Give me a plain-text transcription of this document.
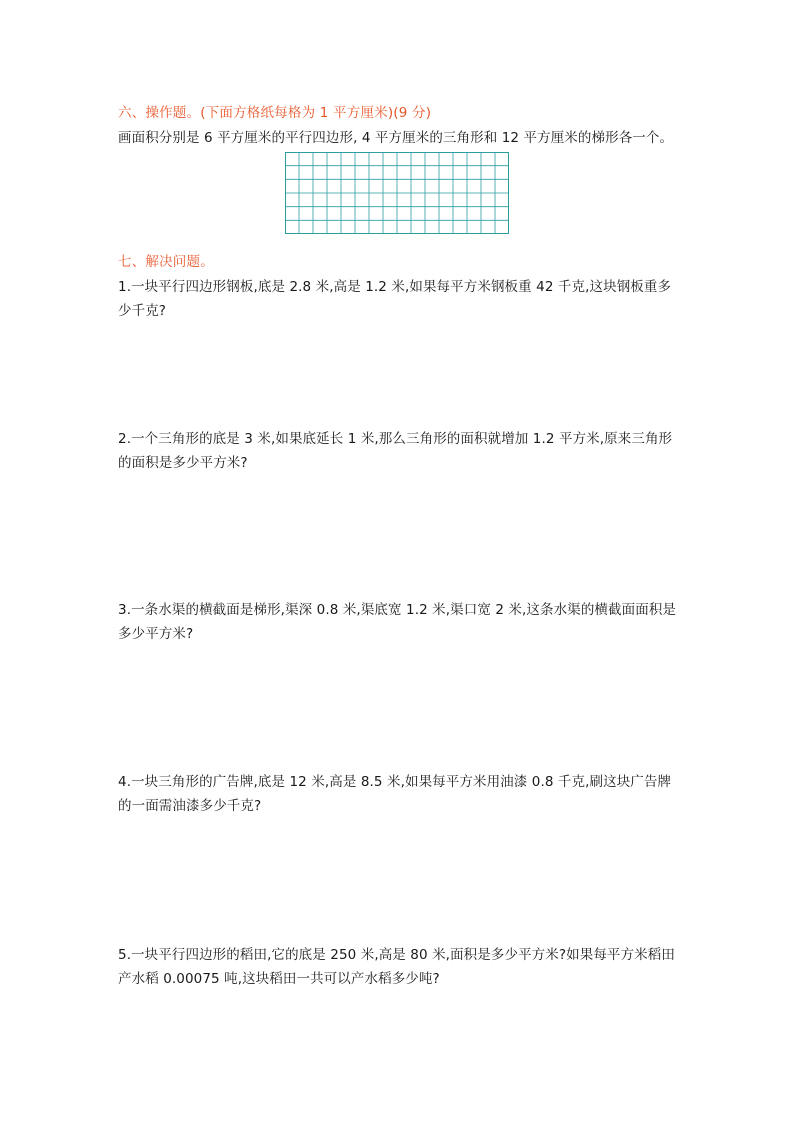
六、操作题。(下面方格纸每格为 1 平方厘米)(9 分)
画面积分别是 6 平方厘米的平行四边形, 4 平方厘米的三角形和 12 平方厘米的梯形各一个。
七、解决问题。
1.一块平行四边形钢板,底是 2.8 米,高是 1.2 米,如果每平方米钢板重 42 千克,这块钢板重多
少千克?
2.一个三角形的底是 3 米,如果底延长 1 米,那么三角形的面积就增加 1.2 平方米,原来三角形
的面积是多少平方米?
3.一条水渠的横截面是梯形,渠深 0.8 米,渠底宽 1.2 米,渠口宽 2 米,这条水渠的横截面面积是
多少平方米?
4.一块三角形的广告牌,底是 12 米,高是 8.5 米,如果每平方米用油漆 0.8 千克,刷这块广告牌
的一面需油漆多少千克?
5.一块平行四边形的稻田,它的底是 250 米,高是 80 米,面积是多少平方米?如果每平方米稻田
产水稻 0.00075 吨,这块稻田一共可以产水稻多少吨?
